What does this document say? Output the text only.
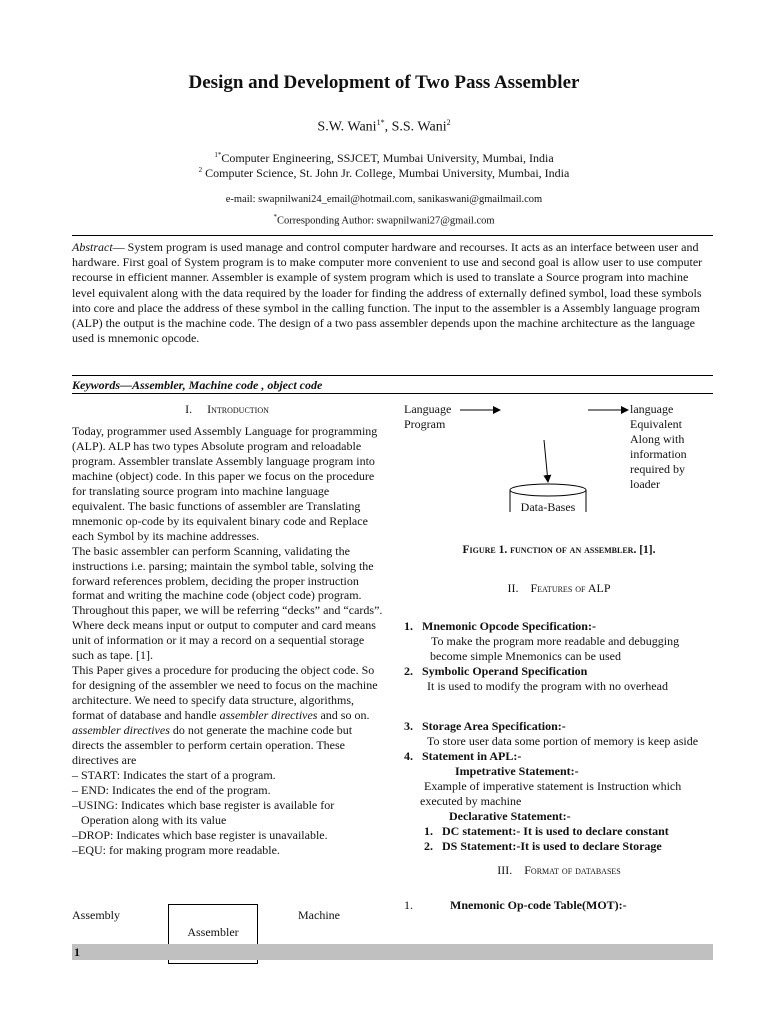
Design and Development of Two Pass Assembler
S.W. Wani$^{1*}$, S.S. Wani$^2$
$^{1*}$Computer Engineering, SSJCET, Mumbai University, Mumbai, India
$^2$ Computer Science, St. John Jr. College, Mumbai University, Mumbai, India
e-mail: swapnilwani24_email@hotmail.com, sanikaswani@gmailmail.com
*Corresponding Author: swapnilwani27@gmail.com
Abstract— System program is used manage and control computer hardware and recourses. It acts as an interface between user and hardware. First goal of System program is to make computer more convenient to use and second goal is allow user to use computer recourse in efficient manner. Assembler is example of system program which is used to translate a Source program into machine level equivalent along with the data required by the loader for finding the address of externally defined symbol, load these symbols into core and place the address of these symbol in the calling function. The input to the assembler is a Assembly language program (ALP) the output is the machine code. The design of a two pass assembler depends upon the machine architecture as the language used is mnemonic opcode.
Keywords—Assembler, Machine code , object code
I. Introduction
Today, programmer used Assembly Language for programming (ALP). ALP has two types Absolute program and reloadable program. Assembler translate Assembly language program into machine (object) code. In this paper we focus on the procedure for translating source program into machine language equivalent. The basic functions of assembler are Translating mnemonic op-code by its equivalent binary code and Replace each Symbol by its machine addresses.
The basic assembler can perform Scanning, validating the instructions i.e. parsing; maintain the symbol table, solving the forward references problem, deciding the proper instruction format and writing the machine code (object code) program. Throughout this paper, we will be referring “decks” and “cards”. Where deck means input or output to computer and card means unit of information or it may a record on a sequential storage such as tape. [1].
This Paper gives a procedure for producing the object code. So for designing of the assembler we need to focus on the machine architecture. We need to specify data structure, algorithms, format of database and handle assembler directives and so on. assembler directives do not generate the machine code but directs the assembler to perform certain operation. These directives are
– START: Indicates the start of a program.
– END: Indicates the end of the program.
–USING: Indicates which base register is available for
Operation along with its value
–DROP: Indicates which base register is unavailable.
–EQU: for making program more readable.
Assembly
Assembler
Machine
Language
Program
language
Equivalent
Along with
information
required by
loader
Data-Bases
Figure 1. function of an assembler. [1].
II. Features of ALP
1. Mnemonic Opcode Specification:-
To make the program more readable and debugging
become simple Mnemonics can be used
2. Symbolic Operand Specification
It is used to modify the program with no overhead
3. Storage Area Specification:-
To store user data some portion of memory is keep aside
4. Statement in APL:-
Impetrative Statement:-
Example of imperative statement is Instruction which
executed by machine
Declarative Statement:-
1. DC statement:- It is used to declare constant
2. DS Statement:-It is used to declare Storage
III. Format of databases
1.	Mnemonic Op-code Table(MOT):-
1
